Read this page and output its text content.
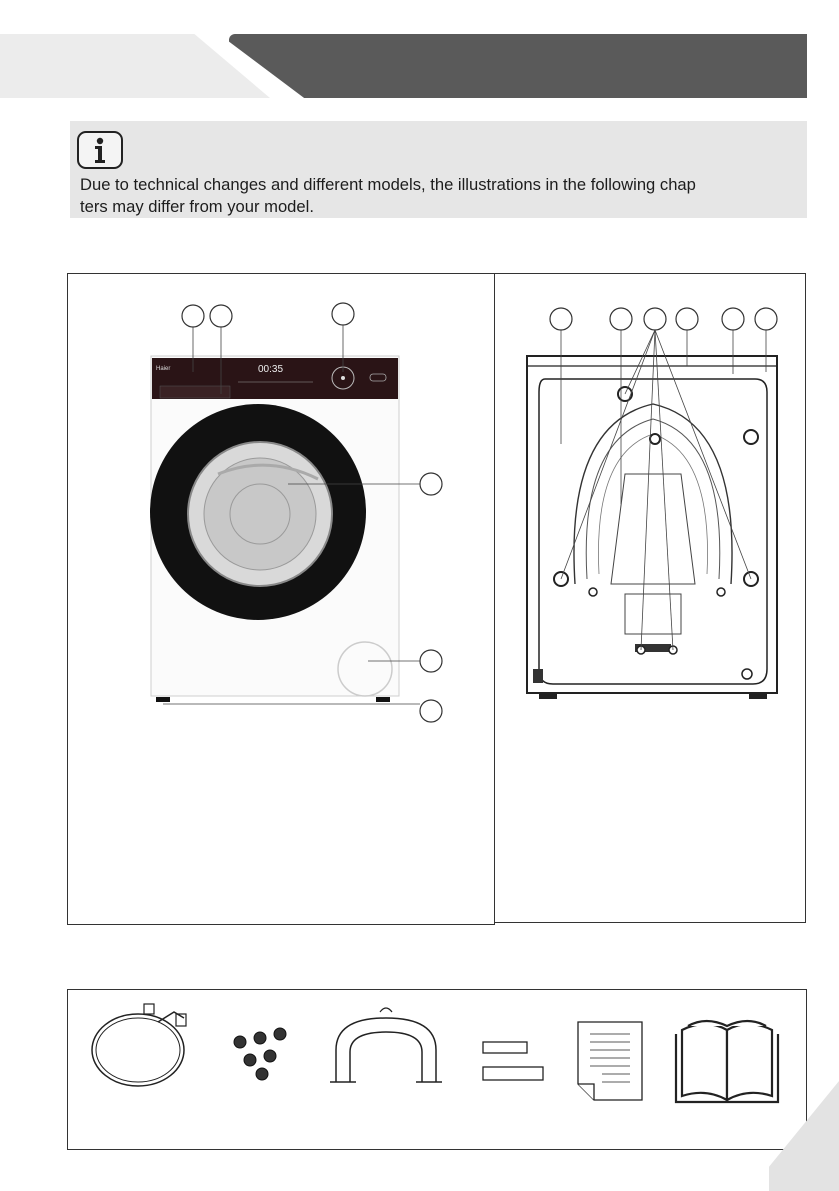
Due to technical changes and different models, the illustrations in the following chap
ters may differ from your model.
Haier	00:35
